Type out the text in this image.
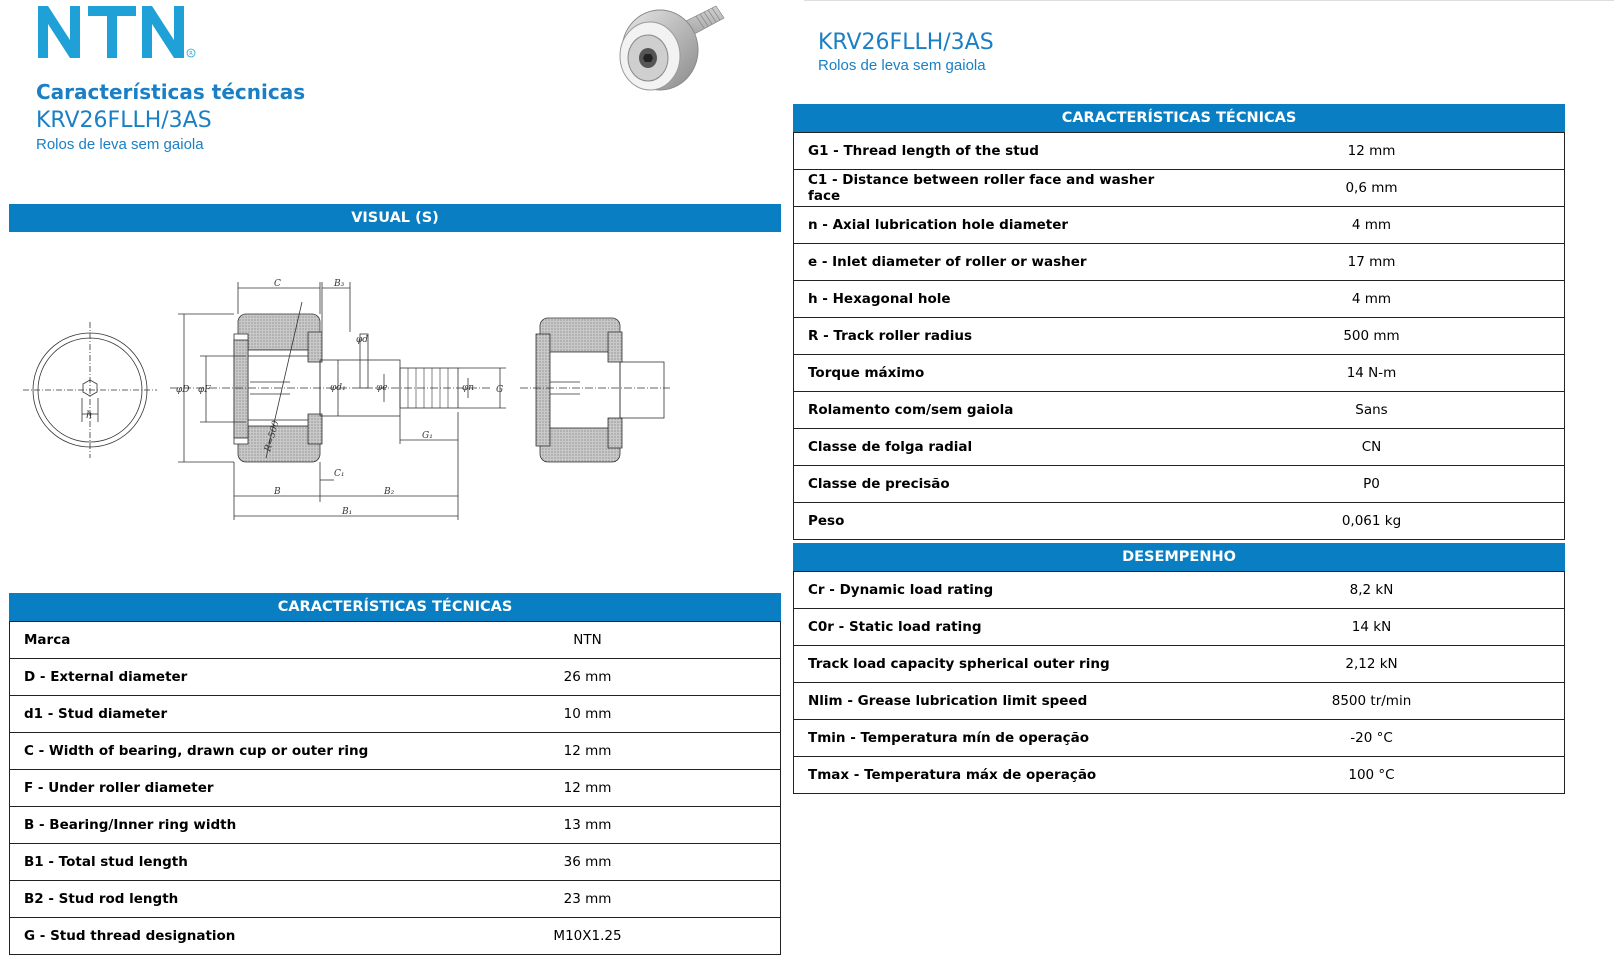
R
Características técnicas
KRV26FLLH/3AS
Rolos de leva sem gaiola
KRV26FLLH/3AS
Rolos de leva sem gaiola
VISUAL (S)
h
C	B₃
B	B₂
B₁
C₁
G₁
φD φF	φd₁	φe	G
φn
φd
R=500
CARACTERÍSTICAS TÉCNICAS
Marca	NTN
D - External diameter	26 mm
d1 - Stud diameter	10 mm
C - Width of bearing, drawn cup or outer ring	12 mm
F - Under roller diameter	12 mm
B - Bearing/Inner ring width	13 mm
B1 - Total stud length	36 mm
B2 - Stud rod length	23 mm
G - Stud thread designation	M10X1.25
CARACTERÍSTICAS TÉCNICAS
G1 - Thread length of the stud	12 mm
C1 - Distance between roller face and washer face	0,6 mm
n - Axial lubrication hole diameter	4 mm
e - Inlet diameter of roller or washer	17 mm
h - Hexagonal hole	4 mm
R - Track roller radius	500 mm
Torque máximo	14 N-m
Rolamento com/sem gaiola	Sans
Classe de folga radial	CN
Classe de precisão	P0
Peso	0,061 kg
DESEMPENHO
Cr - Dynamic load rating	8,2 kN
C0r - Static load rating	14 kN
Track load capacity spherical outer ring	2,12 kN
Nlim - Grease lubrication limit speed	8500 tr/min
Tmin - Temperatura mín de operação	-20 °C
Tmax - Temperatura máx de operação	100 °C
